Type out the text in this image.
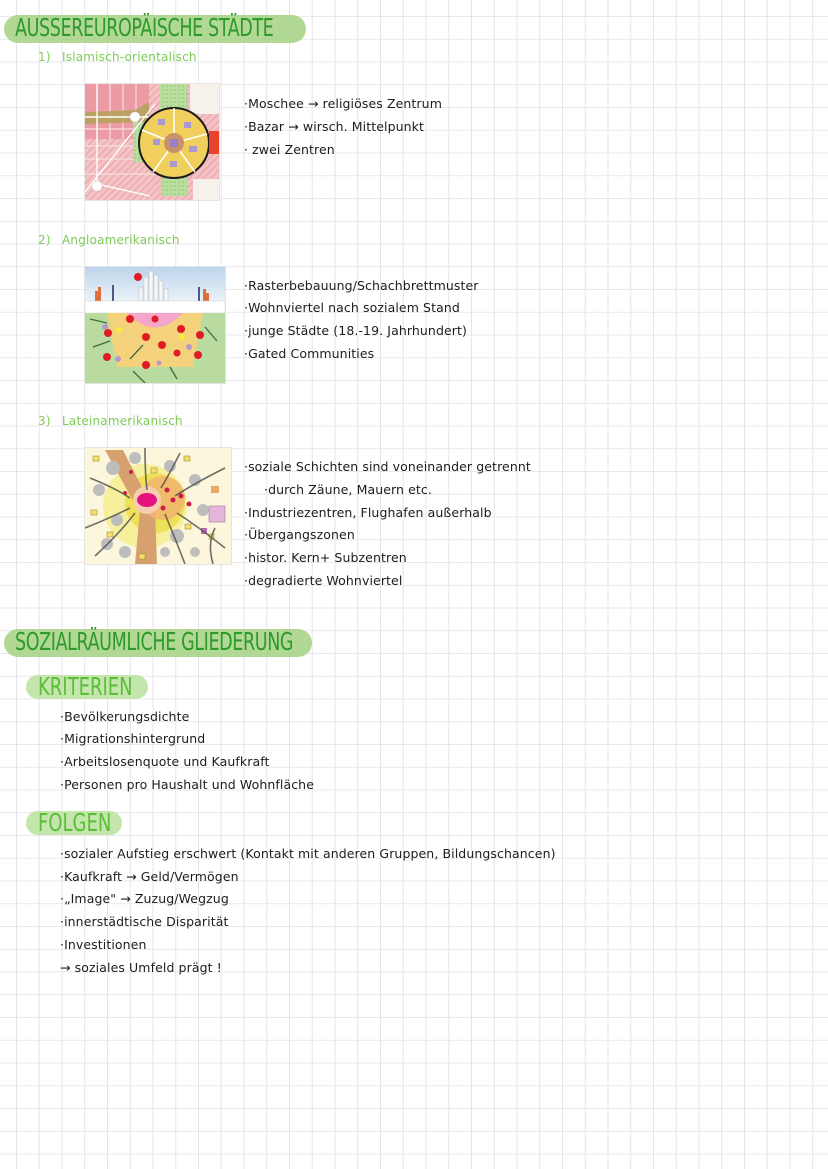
AUSSEREUROPÄISCHE STÄDTE
1) Islamisch-orientalisch
·Moschee → religiöses Zentrum
·Bazar → wirsch. Mittelpunkt
· zwei Zentren
2) Angloamerikanisch
·Rasterbebauung/Schachbrettmuster
·Wohnviertel nach sozialem Stand
·junge Städte (18.-19. Jahrhundert)
·Gated Communities
3) Lateinamerikanisch
·soziale Schichten sind voneinander getrennt
·durch Zäune, Mauern etc.
·Industriezentren, Flughafen außerhalb
·Übergangszonen
·histor. Kern+ Subzentren
·degradierte Wohnviertel
SOZIALRÄUMLICHE GLIEDERUNG
KRITERIEN
·Bevölkerungsdichte
·Migrationshintergrund
·Arbeitslosenquote und Kaufkraft
·Personen pro Haushalt und Wohnfläche
FOLGEN
·sozialer Aufstieg erschwert (Kontakt mit anderen Gruppen, Bildungschancen)
·Kaufkraft → Geld/Vermögen
·„Image" → Zuzug/Wegzug
·innerstädtische Disparität
·Investitionen
→ soziales Umfeld prägt !
